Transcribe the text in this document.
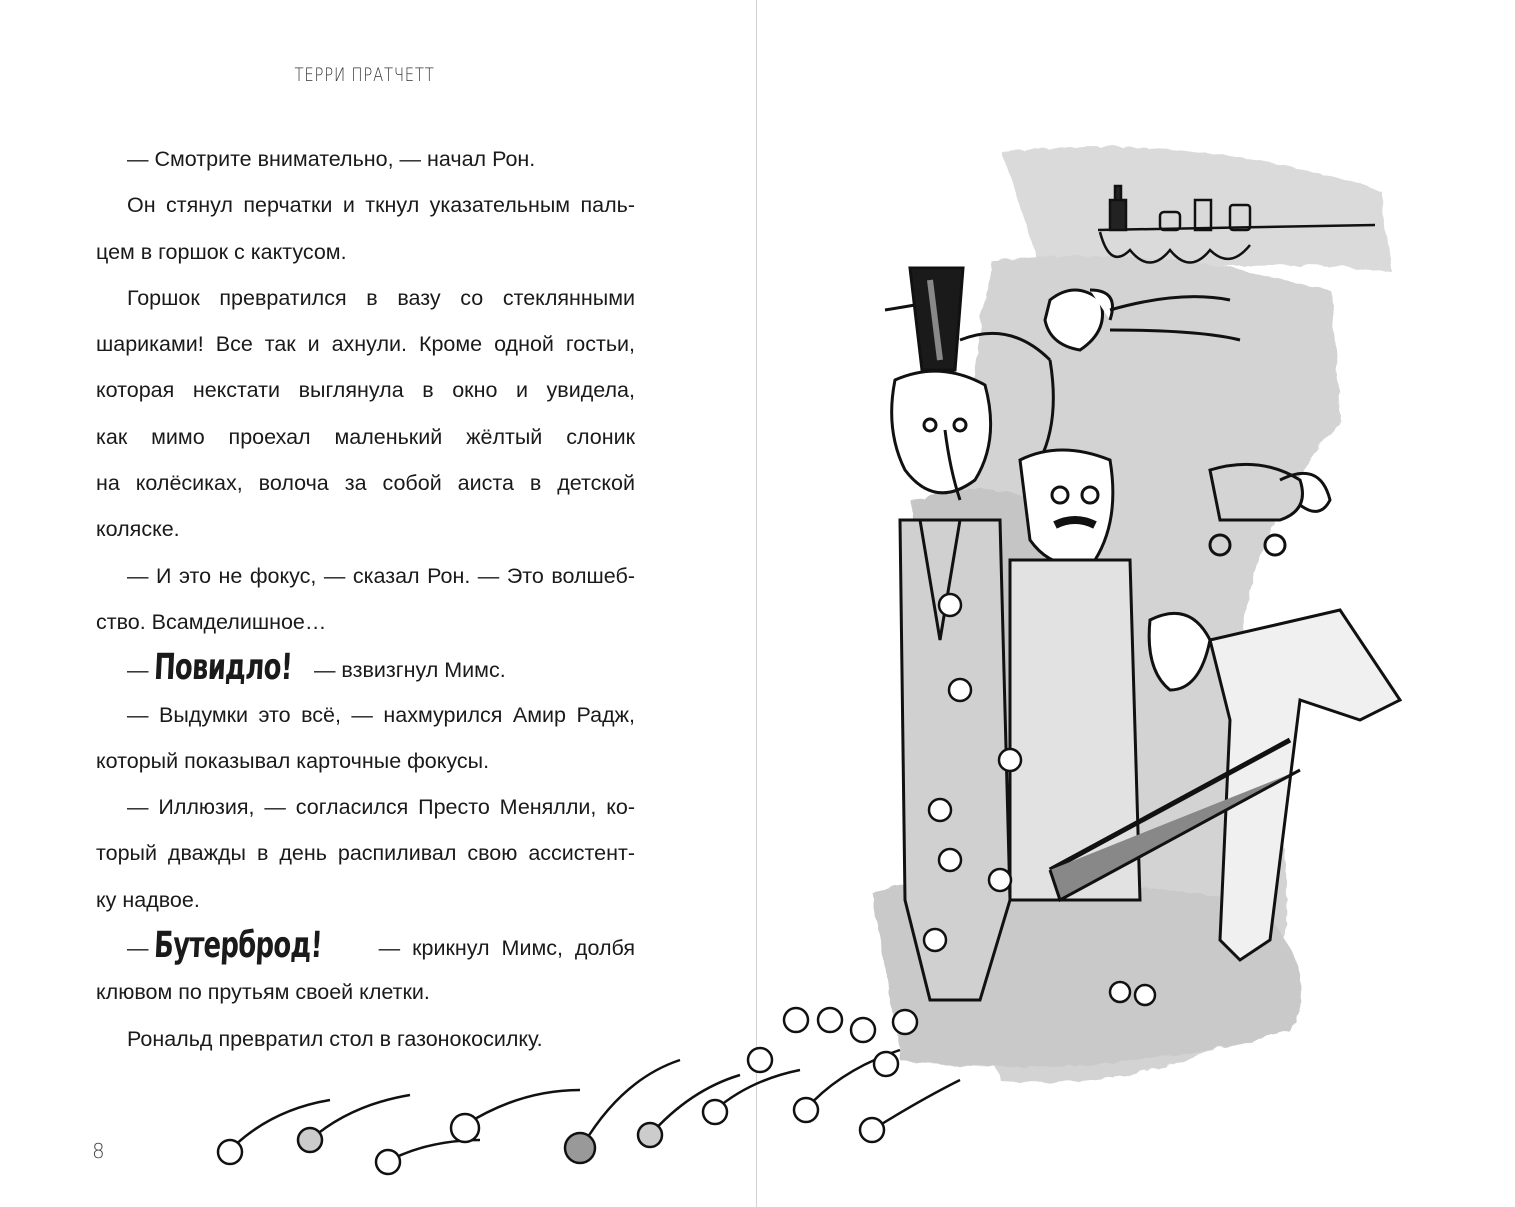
ТЕРРИ ПРАТЧЕТТ
— Смотрите внимательно, — начал Рон.
Он стянул перчатки и ткнул указательным паль-
цем в горшок с кактусом.
Горшок превратился в вазу со стеклянными
шариками! Все так и ахнули. Кроме одной гостьи,
которая некстати выглянула в окно и увидела,
как мимо проехал маленький жёлтый слоник
на колёсиках, волоча за собой аиста в детской
коляске.
— И это не фокус, — сказал Рон. — Это волшеб-
ство. Всамделишное…
— Повидло! — взвизгнул Мимс.
— Выдумки это всё, — нахмурился Амир Радж,
который показывал карточные фокусы.
— Иллюзия, — согласился Престо Менялли, ко-
торый дважды в день распиливал свою ассистент-
ку надвое.
— Бутерброд!	— крикнул Мимс, долбя
клювом по прутьям своей клетки.
Рональд превратил стол в газонокосилку.
8
